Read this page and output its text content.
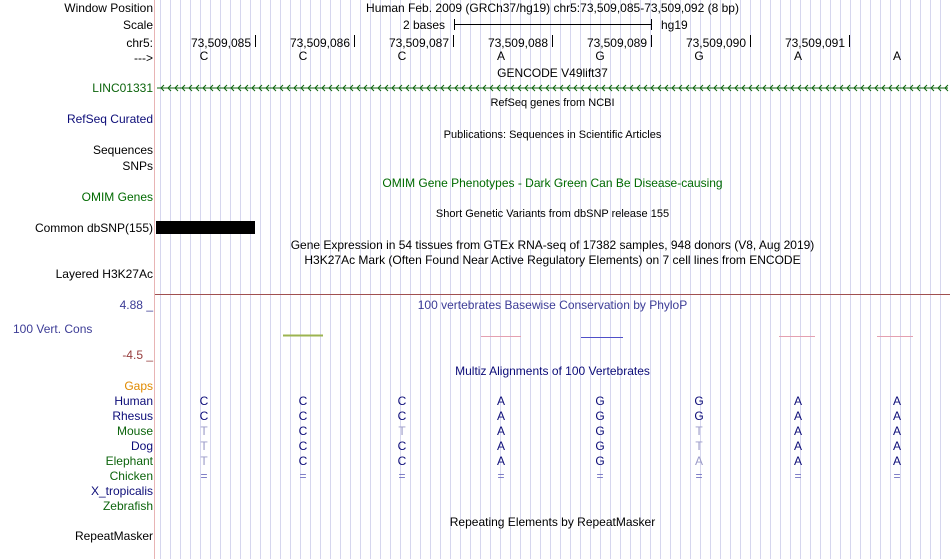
Window Position	Human Feb. 2009 (GRCh37/hg19) chr5:73,509,085-73,509,092 (8 bp)
Scale	2 bases	hg19
chr5:	73,509,085	73,509,086	73,509,087	73,509,088	73,509,089	73,509,090	73,509,091
--->	C	C	C	A	G	G	A	A
GENCODE V49lift37
LINC01331
RefSeq genes from NCBI
RefSeq Curated
Publications: Sequences in Scientific Articles
Sequences
SNPs
OMIM Gene Phenotypes - Dark Green Can Be Disease-causing
OMIM Genes
Short Genetic Variants from dbSNP release 155
Common dbSNP(155)
Gene Expression in 54 tissues from GTEx RNA-seq of 17382 samples, 948 donors (V8, Aug 2019)
H3K27Ac Mark (Often Found Near Active Regulatory Elements) on 7 cell lines from ENCODE
Layered H3K27Ac
4.88 _	100 vertebrates Basewise Conservation by PhyloP
100 Vert. Cons
-4.5 _
Multiz Alignments of 100 Vertebrates
Gaps
Human	C	C	C	A	G	G	A	A
Rhesus	C	C	C	A	G	G	A	A
Mouse	T	C	T	A	G	T	A	A
Dog	T	C	C	A	G	T	A	A
Elephant	T	C	C	A	G	A	A	A
Chicken	=	=	=	=	=	=	=	=
X_tropicalis
Zebrafish
Repeating Elements by RepeatMasker
RepeatMasker
